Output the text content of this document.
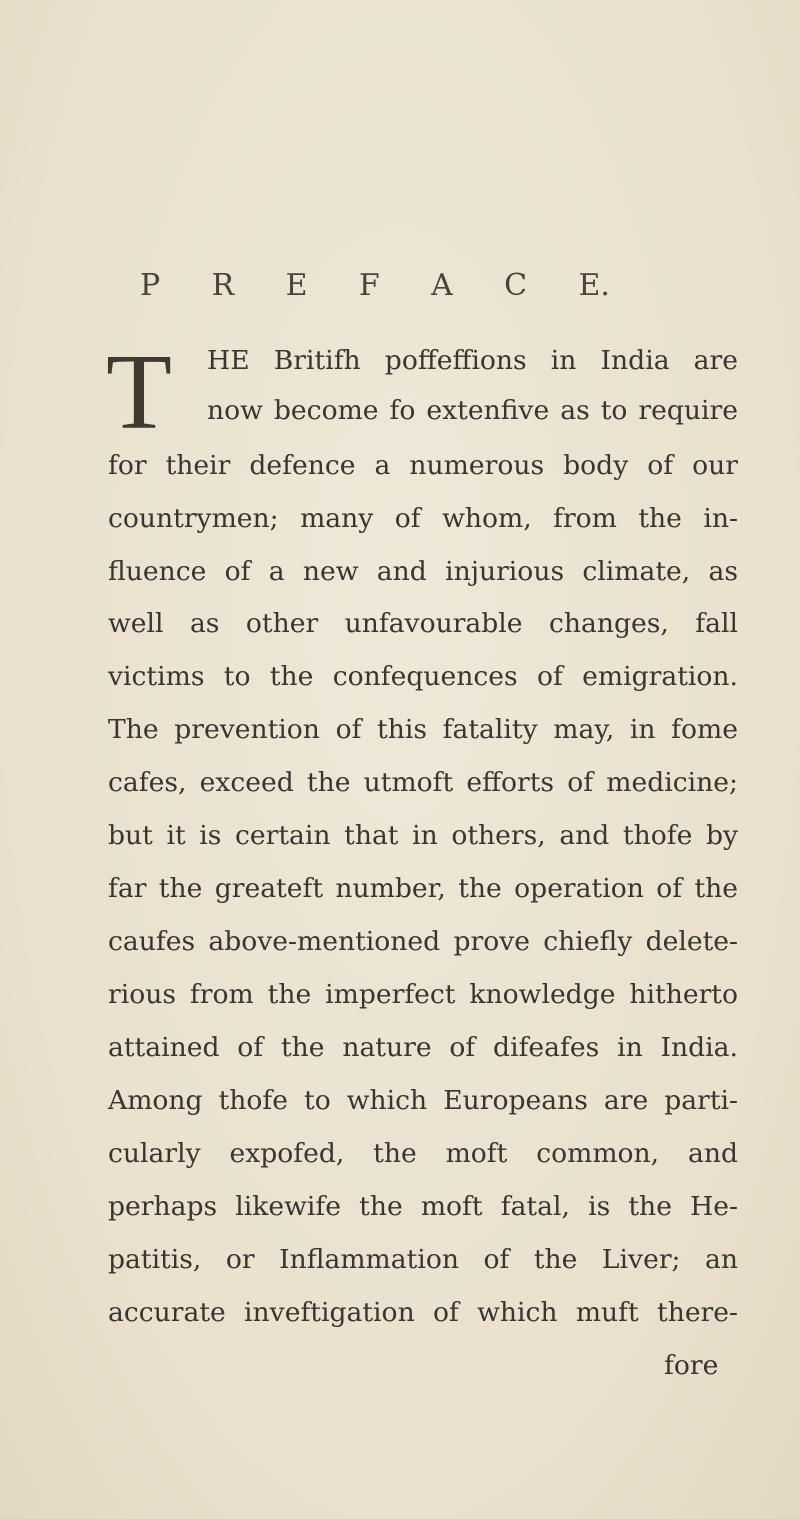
P R E F A C E.
T HE Britifh poffeffions in India are
now become fo extenfive as to require
for their defence a numerous body of our
countrymen; many of whom, from the in-
fluence of a new and injurious climate, as
well as other unfavourable changes, fall
victims to the confequences of emigration.
The prevention of this fatality may, in fome
cafes, exceed the utmoft efforts of medicine;
but it is certain that in others, and thofe by
far the greateft number, the operation of the
caufes above-mentioned prove chiefly delete-
rious from the imperfect knowledge hitherto
attained of the nature of difeafes in India.
Among thofe to which Europeans are parti-
cularly expofed, the moft common, and
perhaps likewife the moft fatal, is the He-
patitis, or Inflammation of the Liver; an
accurate inveftigation of which muft there-
fore
